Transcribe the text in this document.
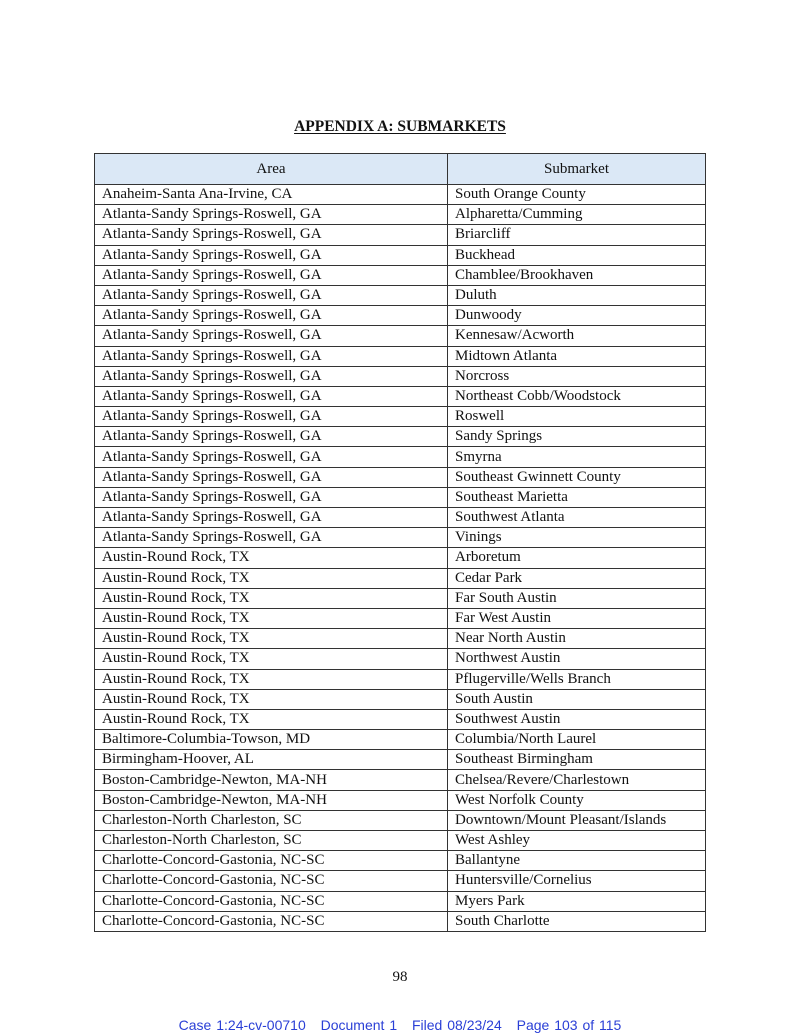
APPENDIX A: SUBMARKETS
Area	Submarket
Anaheim-Santa Ana-Irvine, CA	South Orange County
Atlanta-Sandy Springs-Roswell, GA	Alpharetta/Cumming
Atlanta-Sandy Springs-Roswell, GA	Briarcliff
Atlanta-Sandy Springs-Roswell, GA	Buckhead
Atlanta-Sandy Springs-Roswell, GA	Chamblee/Brookhaven
Atlanta-Sandy Springs-Roswell, GA	Duluth
Atlanta-Sandy Springs-Roswell, GA	Dunwoody
Atlanta-Sandy Springs-Roswell, GA	Kennesaw/Acworth
Atlanta-Sandy Springs-Roswell, GA	Midtown Atlanta
Atlanta-Sandy Springs-Roswell, GA	Norcross
Atlanta-Sandy Springs-Roswell, GA	Northeast Cobb/Woodstock
Atlanta-Sandy Springs-Roswell, GA	Roswell
Atlanta-Sandy Springs-Roswell, GA	Sandy Springs
Atlanta-Sandy Springs-Roswell, GA	Smyrna
Atlanta-Sandy Springs-Roswell, GA	Southeast Gwinnett County
Atlanta-Sandy Springs-Roswell, GA	Southeast Marietta
Atlanta-Sandy Springs-Roswell, GA	Southwest Atlanta
Atlanta-Sandy Springs-Roswell, GA	Vinings
Austin-Round Rock, TX	Arboretum
Austin-Round Rock, TX	Cedar Park
Austin-Round Rock, TX	Far South Austin
Austin-Round Rock, TX	Far West Austin
Austin-Round Rock, TX	Near North Austin
Austin-Round Rock, TX	Northwest Austin
Austin-Round Rock, TX	Pflugerville/Wells Branch
Austin-Round Rock, TX	South Austin
Austin-Round Rock, TX	Southwest Austin
Baltimore-Columbia-Towson, MD	Columbia/North Laurel
Birmingham-Hoover, AL	Southeast Birmingham
Boston-Cambridge-Newton, MA-NH	Chelsea/Revere/Charlestown
Boston-Cambridge-Newton, MA-NH	West Norfolk County
Charleston-North Charleston, SC	Downtown/Mount Pleasant/Islands
Charleston-North Charleston, SC	West Ashley
Charlotte-Concord-Gastonia, NC-SC	Ballantyne
Charlotte-Concord-Gastonia, NC-SC	Huntersville/Cornelius
Charlotte-Concord-Gastonia, NC-SC	Myers Park
Charlotte-Concord-Gastonia, NC-SC	South Charlotte
98
Case 1:24-cv-00710 Document 1 Filed 08/23/24 Page 103 of 115
